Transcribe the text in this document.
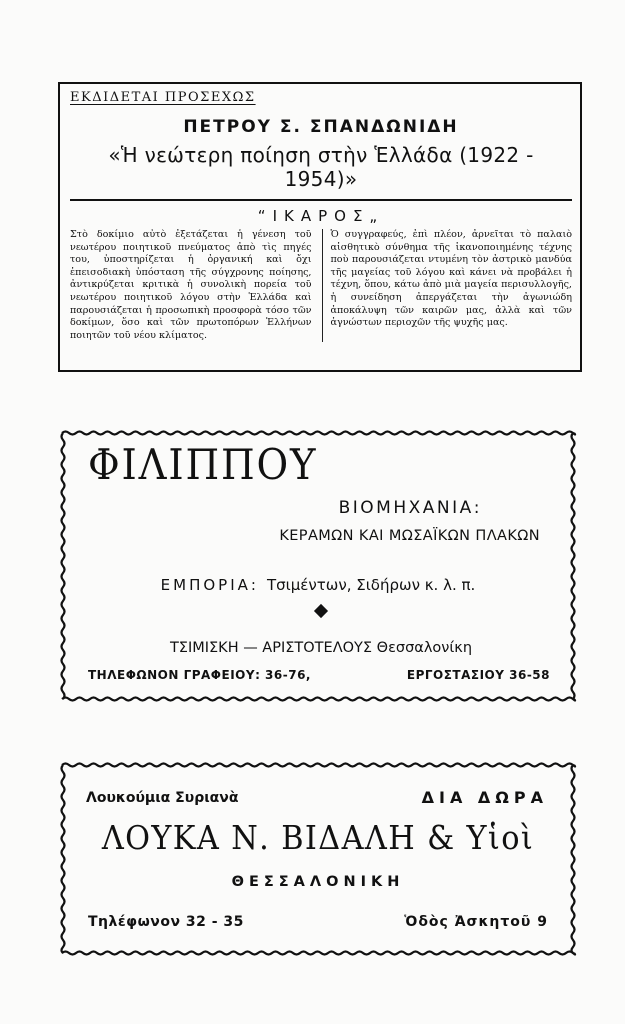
ΕΚΔΙΔΕΤΑΙ ΠΡΟΣΕΧΩΣ
ΠΕΤΡΟΥ Σ. ΣΠΑΝΔΩΝΙΔΗ
«Ἡ νεώτερη ποίηση στὴν Ἑλλάδα (1922 - 1954)»
“ΙΚΑΡΟΣ„
Στὸ δοκίμιο αὐτὸ ἐξετάζεται ἡ γένεση τοῦ νεωτέρου ποιητικοῦ πνεύματος ἀπὸ τὶς πηγές του, ὑποστηρίζεται ἡ ὀργανική καὶ ὄχι ἐπεισοδιακὴ ὑπόσταση τῆς σύγχρονης ποίησης, ἀντικρύζεται κριτικὰ ἡ συνολικὴ πορεία τοῦ νεωτέρου ποιητικοῦ λόγου στὴν Ἑλλάδα καὶ παρουσιάζεται ἡ προσωπικὴ προσφορὰ τόσο τῶν δοκίμων, ὅσο καὶ τῶν πρωτοπόρων Ἑλλήνων ποιητῶν τοῦ νέου κλίματος.
Ὁ συγγραφεύς, ἐπὶ πλέον, ἀρνεῖται τὸ παλαιὸ αἰσθητικὸ σύνθημα τῆς ἱκανοποιημένης τέχνης ποὺ παρουσιάζεται ντυμένη τὸν ἀστρικὸ μανδύα τῆς μαγείας τοῦ λόγου καὶ κάνει νὰ προβάλει ἡ τέχνη, ὅπου, κάτω ἀπὸ μιὰ μαγεία περισυλλογῆς, ἡ συνείδηση ἀπεργάζεται τὴν ἀγωνιώδη ἀποκάλυψη τῶν καιρῶν μας, ἀλλὰ καὶ τῶν ἀγνώστων περιοχῶν τῆς ψυχῆς μας.
ΦΙΛΙΠΠΟΥ
ΒΙΟΜΗΧΑΝΙΑ:
ΚΕΡΑΜΩΝ ΚΑΙ ΜΩΣΑΪΚΩΝ ΠΛΑΚΩΝ
ΕΜΠΟΡΙΑ: Τσιμέντων, Σιδήρων κ. λ. π.
ΤΣΙΜΙΣΚΗ — ΑΡΙΣΤΟΤΕΛΟΥΣ Θεσσαλονίκη
ΤΗΛΕΦΩΝΟΝ ΓΡΑΦΕΙΟΥ: 36-76,	ΕΡΓΟΣΤΑΣΙΟΥ 36-58
Λουκούμια Συριανὰ	ΔΙΑ ΔΩΡΑ
ΛΟΥΚΑ Ν. ΒΙΔΑΛΗ & Υἱοὶ
ΘΕΣΣΑΛΟΝΙΚΗ
Τηλέφωνον 32 - 35	Ὁδὸς Ἀσκητοῦ 9
